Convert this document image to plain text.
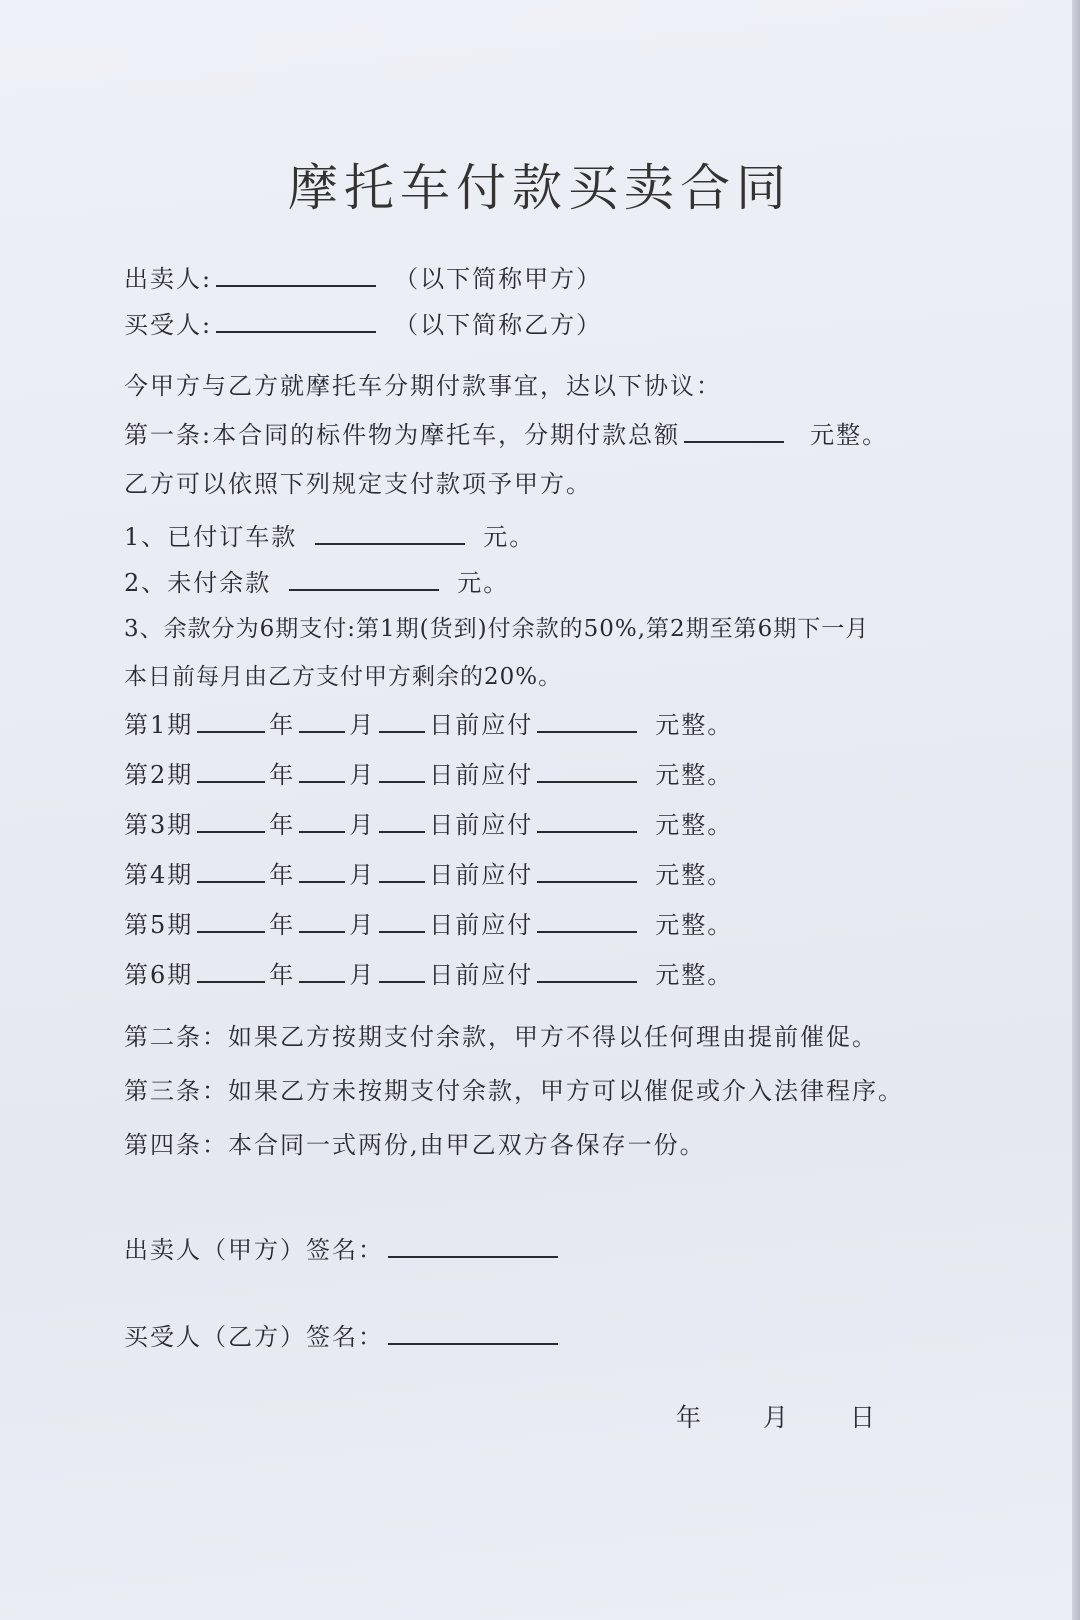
摩托车付款买卖合同
出卖人:	（以下简称甲方）
买受人:	（以下简称乙方）
今甲方与乙方就摩托车分期付款事宜，达以下协议：
第一条:本合同的标件物为摩托车，分期付款总额	元整。
乙方可以依照下列规定支付款项予甲方。
1、已付订车款	元。
2、未付余款	元。
3、余款分为6期支付:第1期(货到)付余款的50%,第2期至第6期下一月
本日前每月由乙方支付甲方剩余的20%。
第1期	年 月 日前应付	元整。
第2期	年 月 日前应付	元整。
第3期	年 月 日前应付	元整。
第4期	年 月 日前应付	元整。
第5期	年 月 日前应付	元整。
第6期	年 月 日前应付	元整。
第二条：如果乙方按期支付余款，甲方不得以任何理由提前催促。
第三条：如果乙方未按期支付余款，甲方可以催促或介入法律程序。
第四条：本合同一式两份,由甲乙双方各保存一份。
出卖人（甲方）签名：
买受人（乙方）签名：
年 月 日
